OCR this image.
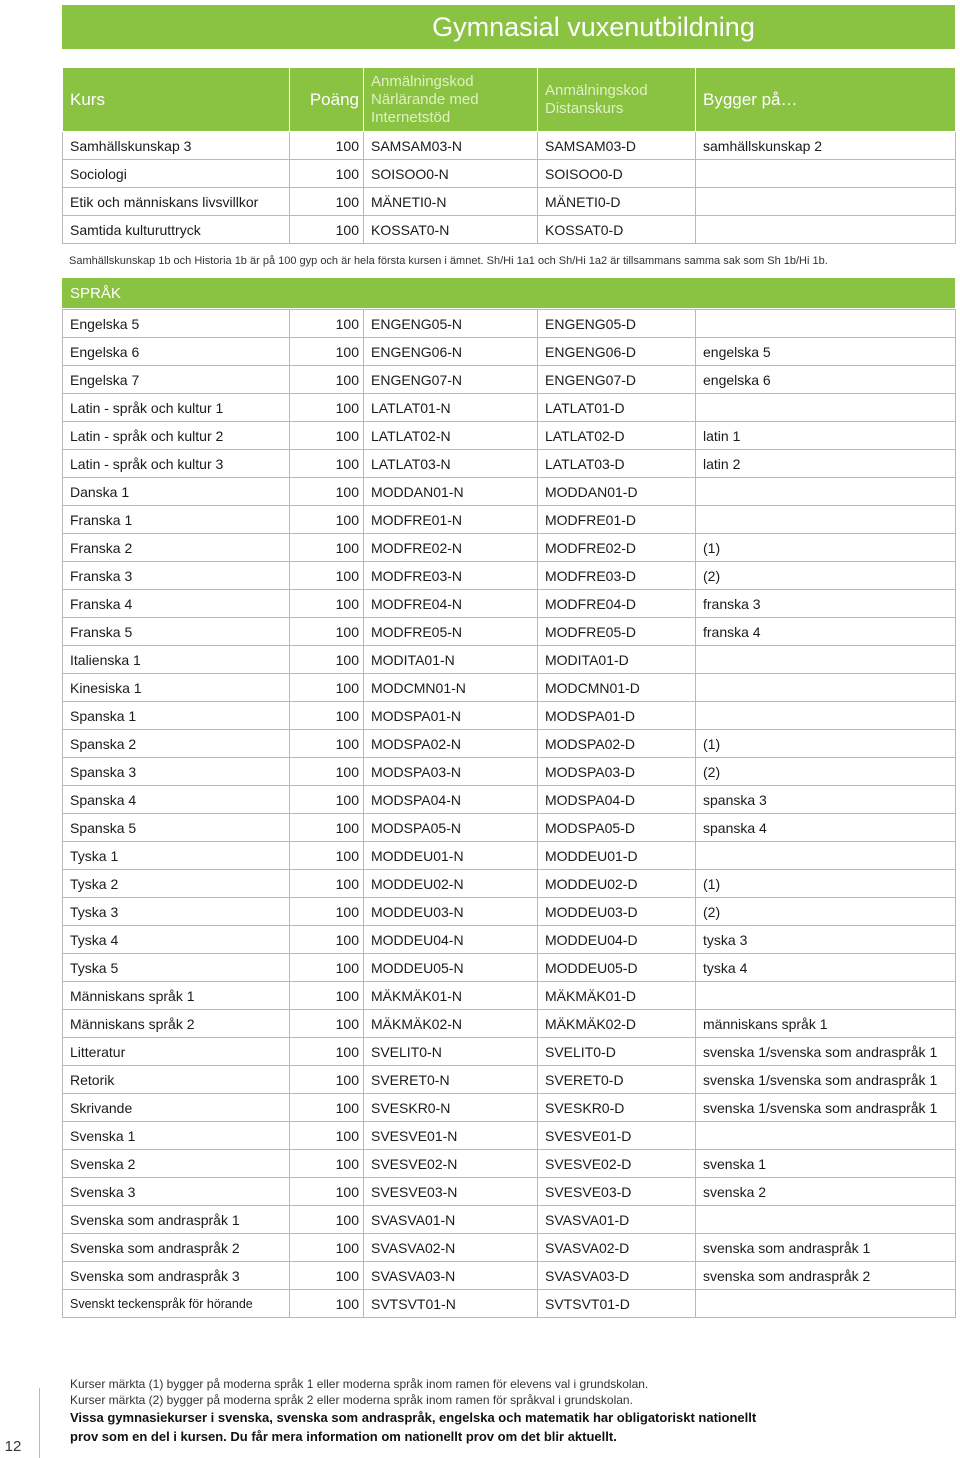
Gymnasial vuxenutbildning
Kurs	Poäng	Anmälningskod
Närlärande med
Internetstöd	Anmälningskod
Distanskurs	Bygger på…
Samhällskunskap 3	100	SAMSAM03-N	SAMSAM03-D	samhällskunskap 2
Sociologi	100	SOISOO0-N	SOISOO0-D	
Etik och människans livsvillkor	100	MÄNETI0-N	MÄNETI0-D	
Samtida kulturuttryck	100	KOSSAT0-N	KOSSAT0-D	
Samhällskunskap 1b och Historia 1b är på 100 gyp och är hela första kursen i ämnet. Sh/Hi 1a1 och Sh/Hi 1a2 är tillsammans samma sak som Sh 1b/Hi 1b.
SPRÅK
Engelska 5	100	ENGENG05-N	ENGENG05-D	
Engelska 6	100	ENGENG06-N	ENGENG06-D	engelska 5
Engelska 7	100	ENGENG07-N	ENGENG07-D	engelska 6
Latin - språk och kultur 1	100	LATLAT01-N	LATLAT01-D	
Latin - språk och kultur 2	100	LATLAT02-N	LATLAT02-D	latin 1
Latin - språk och kultur 3	100	LATLAT03-N	LATLAT03-D	latin 2
Danska 1	100	MODDAN01-N	MODDAN01-D	
Franska 1	100	MODFRE01-N	MODFRE01-D	
Franska 2	100	MODFRE02-N	MODFRE02-D	(1)
Franska 3	100	MODFRE03-N	MODFRE03-D	(2)
Franska 4	100	MODFRE04-N	MODFRE04-D	franska 3
Franska 5	100	MODFRE05-N	MODFRE05-D	franska 4
Italienska 1	100	MODITA01-N	MODITA01-D	
Kinesiska 1	100	MODCMN01-N	MODCMN01-D	
Spanska 1	100	MODSPA01-N	MODSPA01-D	
Spanska 2	100	MODSPA02-N	MODSPA02-D	(1)
Spanska 3	100	MODSPA03-N	MODSPA03-D	(2)
Spanska 4	100	MODSPA04-N	MODSPA04-D	spanska 3
Spanska 5	100	MODSPA05-N	MODSPA05-D	spanska 4
Tyska 1	100	MODDEU01-N	MODDEU01-D	
Tyska 2	100	MODDEU02-N	MODDEU02-D	(1)
Tyska 3	100	MODDEU03-N	MODDEU03-D	(2)
Tyska 4	100	MODDEU04-N	MODDEU04-D	tyska 3
Tyska 5	100	MODDEU05-N	MODDEU05-D	tyska 4
Människans språk 1	100	MÄKMÄK01-N	MÄKMÄK01-D	
Människans språk 2	100	MÄKMÄK02-N	MÄKMÄK02-D	människans språk 1
Litteratur	100	SVELIT0-N	SVELIT0-D	svenska 1/svenska som andraspråk 1
Retorik	100	SVERET0-N	SVERET0-D	svenska 1/svenska som andraspråk 1
Skrivande	100	SVESKR0-N	SVESKR0-D	svenska 1/svenska som andraspråk 1
Svenska 1	100	SVESVE01-N	SVESVE01-D	
Svenska 2	100	SVESVE02-N	SVESVE02-D	svenska 1
Svenska 3	100	SVESVE03-N	SVESVE03-D	svenska 2
Svenska som andraspråk 1	100	SVASVA01-N	SVASVA01-D	
Svenska som andraspråk 2	100	SVASVA02-N	SVASVA02-D	svenska som andraspråk 1
Svenska som andraspråk 3	100	SVASVA03-N	SVASVA03-D	svenska som andraspråk 2
Svenskt teckenspråk för hörande	100	SVTSVT01-N	SVTSVT01-D	
Kurser märkta (1) bygger på moderna språk 1 eller moderna språk inom ramen för elevens val i grundskolan.
Kurser märkta (2) bygger på moderna språk 2 eller moderna språk inom ramen för språkval i grundskolan.
Vissa gymnasiekurser i svenska, svenska som andraspråk, engelska och matematik har obligatoriskt nationellt
prov som en del i kursen. Du får mera information om nationellt prov om det blir aktuellt.
12
